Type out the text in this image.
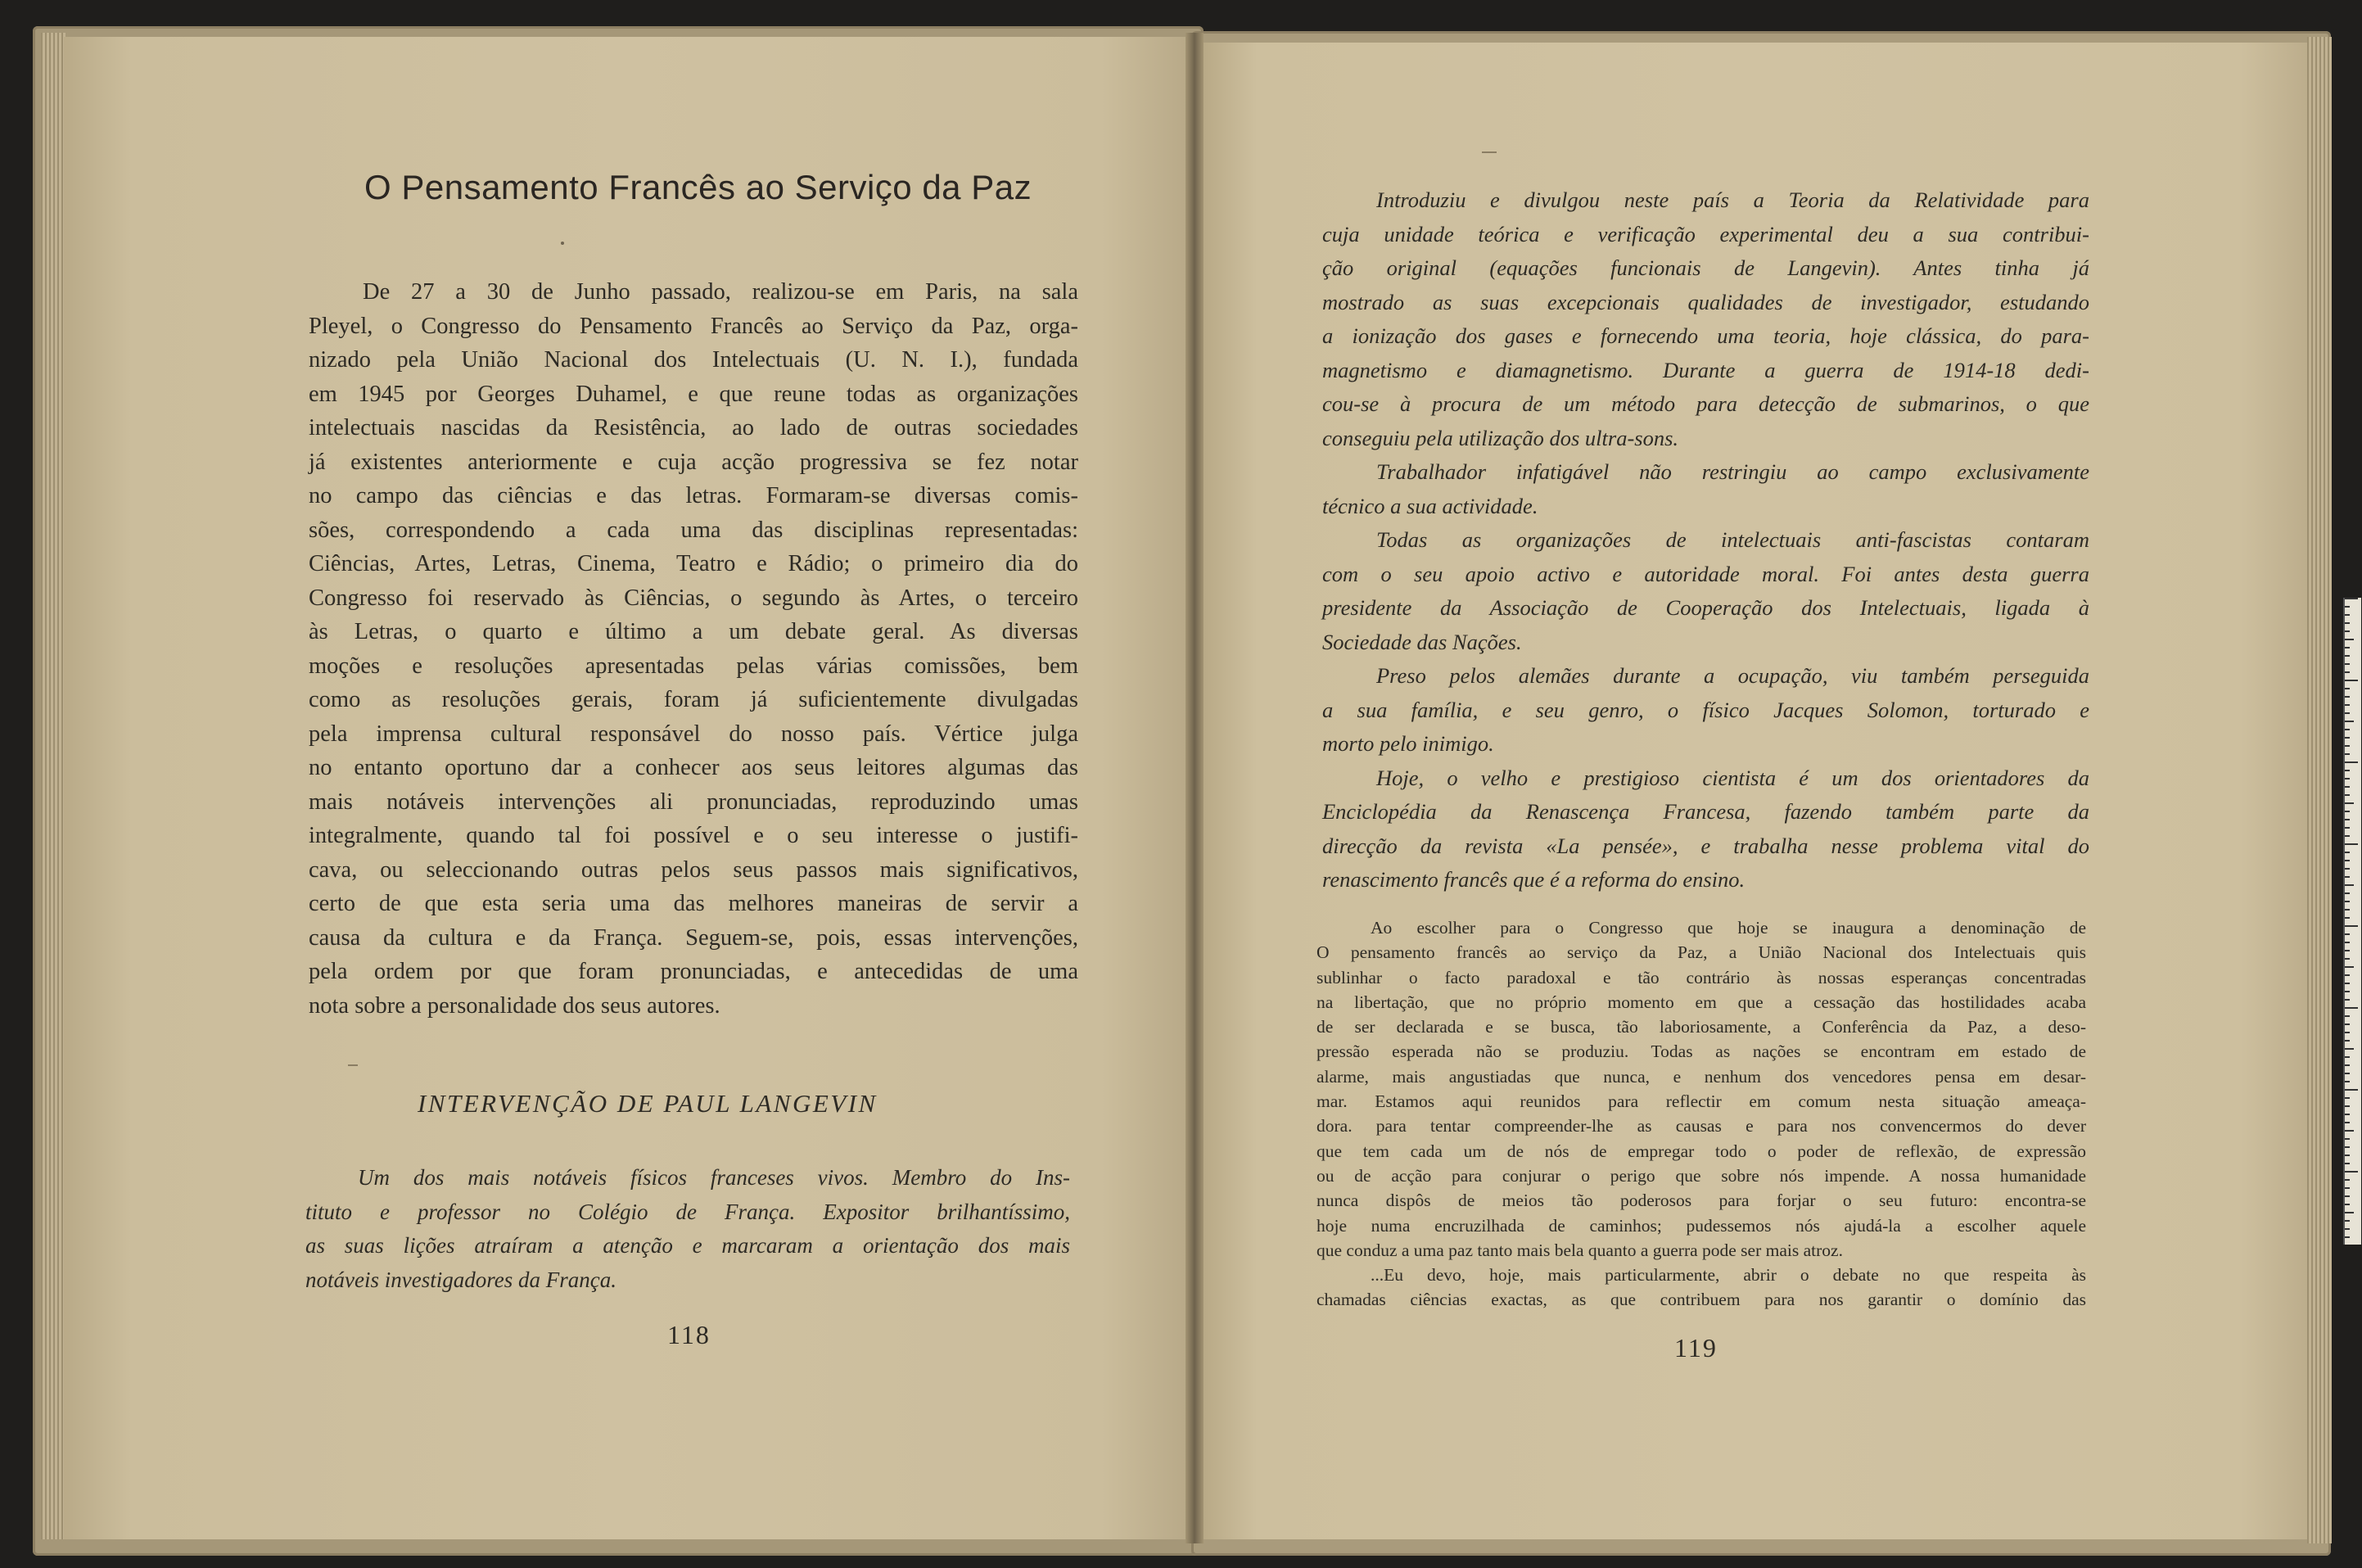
O Pensamento Francês ao Serviço da Paz
De 27 a 30 de Junho passado, realizou-se em Paris, na sala
Pleyel, o Congresso do Pensamento Francês ao Serviço da Paz, orga-
nizado pela União Nacional dos Intelectuais (U. N. I.), fundada
em 1945 por Georges Duhamel, e que reune todas as organizações
intelectuais nascidas da Resistência, ao lado de outras sociedades
já existentes anteriormente e cuja acção progressiva se fez notar
no campo das ciências e das letras. Formaram-se diversas comis-
sões, correspondendo a cada uma das disciplinas representadas:
Ciências, Artes, Letras, Cinema, Teatro e Rádio; o primeiro dia do
Congresso foi reservado às Ciências, o segundo às Artes, o terceiro
às Letras, o quarto e último a um debate geral. As diversas
moções e resoluções apresentadas pelas várias comissões, bem
como as resoluções gerais, foram já suficientemente divulgadas
pela imprensa cultural responsável do nosso país. Vértice julga
no entanto oportuno dar a conhecer aos seus leitores algumas das
mais notáveis intervenções ali pronunciadas, reproduzindo umas
integralmente, quando tal foi possível e o seu interesse o justifi-
cava, ou seleccionando outras pelos seus passos mais significativos,
certo de que esta seria uma das melhores maneiras de servir a
causa da cultura e da França. Seguem-se, pois, essas intervenções,
pela ordem por que foram pronunciadas, e antecedidas de uma
nota sobre a personalidade dos seus autores.
INTERVENÇÃO DE PAUL LANGEVIN
Um dos mais notáveis físicos franceses vivos. Membro do Ins-
tituto e professor no Colégio de França. Expositor brilhantíssimo,
as suas lições atraíram a atenção e marcaram a orientação dos mais
notáveis investigadores da França.
118
Introduziu e divulgou neste país a Teoria da Relatividade para
cuja unidade teórica e verificação experimental deu a sua contribui-
ção original (equações funcionais de Langevin). Antes tinha já
mostrado as suas excepcionais qualidades de investigador, estudando
a ionização dos gases e fornecendo uma teoria, hoje clássica, do para-
magnetismo e diamagnetismo. Durante a guerra de 1914-18 dedi-
cou-se à procura de um método para detecção de submarinos, o que
conseguiu pela utilização dos ultra-sons.
Trabalhador infatigável não restringiu ao campo exclusivamente
técnico a sua actividade.
Todas as organizações de intelectuais anti-fascistas contaram
com o seu apoio activo e autoridade moral. Foi antes desta guerra
presidente da Associação de Cooperação dos Intelectuais, ligada à
Sociedade das Nações.
Preso pelos alemães durante a ocupação, viu também perseguida
a sua família, e seu genro, o físico Jacques Solomon, torturado e
morto pelo inimigo.
Hoje, o velho e prestigioso cientista é um dos orientadores da
Enciclopédia da Renascença Francesa, fazendo também parte da
direcção da revista «La pensée», e trabalha nesse problema vital do
renascimento francês que é a reforma do ensino.
Ao escolher para o Congresso que hoje se inaugura a denominação de
O pensamento francês ao serviço da Paz, a União Nacional dos Intelectuais quis
sublinhar o facto paradoxal e tão contrário às nossas esperanças concentradas
na libertação, que no próprio momento em que a cessação das hostilidades acaba
de ser declarada e se busca, tão laboriosamente, a Conferência da Paz, a deso-
pressão esperada não se produziu. Todas as nações se encontram em estado de
alarme, mais angustiadas que nunca, e nenhum dos vencedores pensa em desar-
mar. Estamos aqui reunidos para reflectir em comum nesta situação ameaça-
dora. para tentar compreender-lhe as causas e para nos convencermos do dever
que tem cada um de nós de empregar todo o poder de reflexão, de expressão
ou de acção para conjurar o perigo que sobre nós impende. A nossa humanidade
nunca dispôs de meios tão poderosos para forjar o seu futuro: encontra-se
hoje numa encruzilhada de caminhos; pudessemos nós ajudá-la a escolher aquele
que conduz a uma paz tanto mais bela quanto a guerra pode ser mais atroz.
...Eu devo, hoje, mais particularmente, abrir o debate no que respeita às
chamadas ciências exactas, as que contribuem para nos garantir o domínio das
119
